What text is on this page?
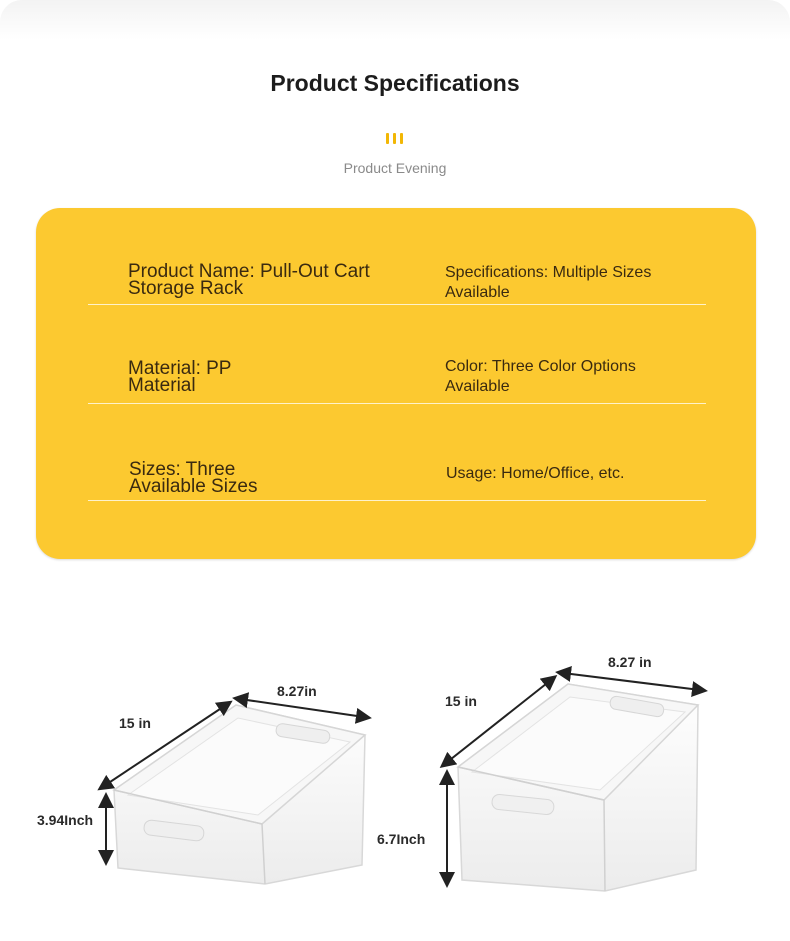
Product Specifications
Product Evening
Product Name: Pull-Out Cart
Storage Rack
Specifications: Multiple Sizes
Available
Material: PP
Material
Color: Three Color Options
Available
Sizes: Three
Available Sizes
Usage: Home/Office, etc.
8.27in
15 in
3.94Inch
8.27 in
15 in
6.7Inch
